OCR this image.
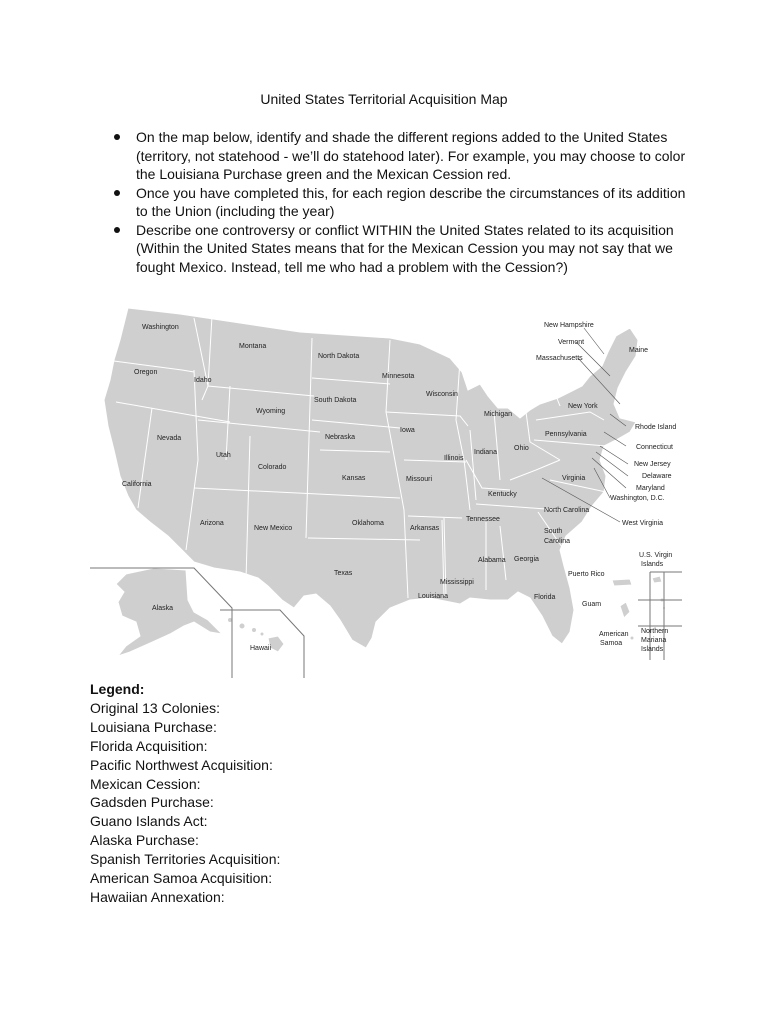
United States Territorial Acquisition Map
On the map below, identify and shade the different regions added to the United States (territory, not statehood - we’ll do statehood later). For example, you may choose to color the Louisiana Purchase green and the Mexican Cession red.
Once you have completed this, for each region describe the circumstances of its addition to the Union (including the year)
Describe one controversy or conflict WITHIN the United States related to its acquisition (Within the United States means that for the Mexican Cession you may not say that we fought Mexico. Instead, tell me who had a problem with the Cession?)
Washington
Oregon
California
Idaho
Nevada
Montana
Wyoming
Utah
Colorado
Arizona
New Mexico
North Dakota
South Dakota
Nebraska
Kansas
Oklahoma
Texas
Minnesota
Iowa
Missouri
Arkansas
Louisiana
Wisconsin
Illinois
Michigan
Indiana
Ohio
Kentucky
Tennessee
Mississippi
Alabama Georgia
Florida
South
Carolina
North Carolina
Virginia
West Virginia
Pennsylvania
New York
Maine
New Hampshire
Vermont
Massachusetts
Rhode Island
Connecticut
New Jersey
Delaware
Maryland
Washington, D.C.
Alaska
Hawaii
Puerto Rico
Guam
U.S. Virgin
Islands
American
Samoa
Northern
Mariana
Islands
Legend:
Original 13 Colonies:
Louisiana Purchase:
Florida Acquisition:
Pacific Northwest Acquisition:
Mexican Cession:
Gadsden Purchase:
Guano Islands Act:
Alaska Purchase:
Spanish Territories Acquisition:
American Samoa Acquisition:
Hawaiian Annexation:
